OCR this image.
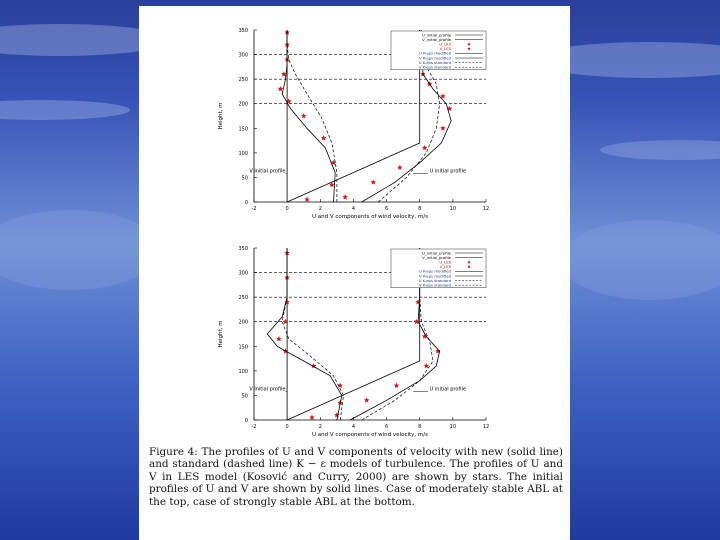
-2	0	2	4	6	8	10	12
0
50
100
150
200
250
300
350
U and V components of wind velocity, m/s
Height, m
V initial profile	U initial profile
U_initial_profile
V_initial_profile
U_LES
V_LES
U K-eps modified
V K-eps modified
U K-eps standard
V K-eps standard
-2	0	2	4	6	8	10	12
0
50
100
150
200
250
300
350
U and V components of wind velocity, m/s
Height, m
V initial profile	U initial profile
U_initial_profile
V_initial_profile
U_LES
V_LES
U K-eps modified
V K-eps modified
U K-eps standard
V K-eps standard
Figure 4: The profiles of U and V components of velocity with new (solid line) and standard (dashed line) K − ε models of turbulence. The profiles of U and V in LES model (Kosović and Curry, 2000) are shown by stars. The initial profiles of U and V are shown by solid lines. Case of moderately stable ABL at the top, case of strongly stable ABL at the bottom.
